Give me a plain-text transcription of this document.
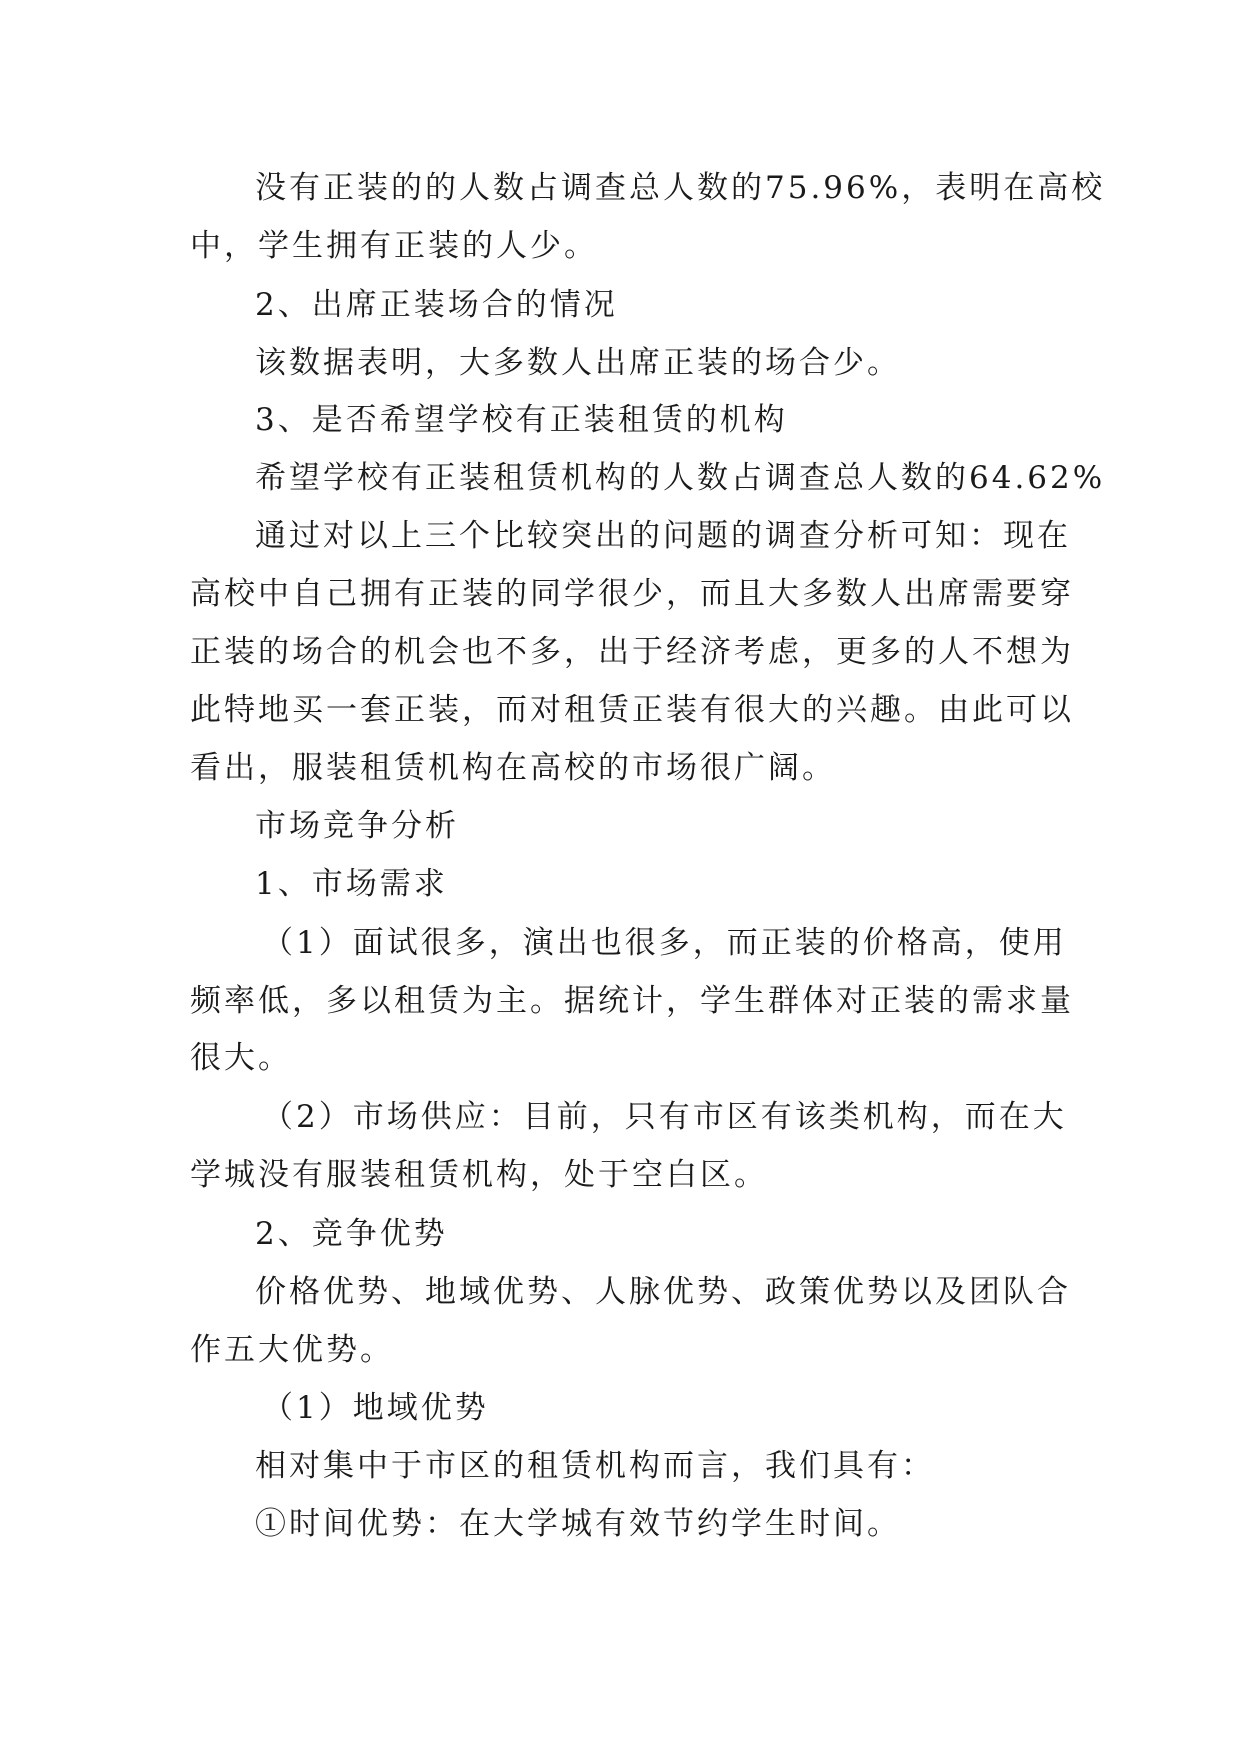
没有正装的的人数占调查总人数的75.96%，表明在高校
中，学生拥有正装的人少。
2、出席正装场合的情况
该数据表明，大多数人出席正装的场合少。
3、是否希望学校有正装租赁的机构
希望学校有正装租赁机构的人数占调查总人数的64.62%
通过对以上三个比较突出的问题的调查分析可知：现在
高校中自己拥有正装的同学很少，而且大多数人出席需要穿
正装的场合的机会也不多，出于经济考虑，更多的人不想为
此特地买一套正装，而对租赁正装有很大的兴趣。由此可以
看出，服装租赁机构在高校的市场很广阔。
市场竞争分析
1、市场需求
（1）面试很多，演出也很多，而正装的价格高，使用
频率低，多以租赁为主。据统计，学生群体对正装的需求量
很大。
（2）市场供应：目前，只有市区有该类机构，而在大
学城没有服装租赁机构，处于空白区。
2、竞争优势
价格优势、地域优势、人脉优势、政策优势以及团队合
作五大优势。
（1）地域优势
相对集中于市区的租赁机构而言，我们具有：
①时间优势：在大学城有效节约学生时间。
